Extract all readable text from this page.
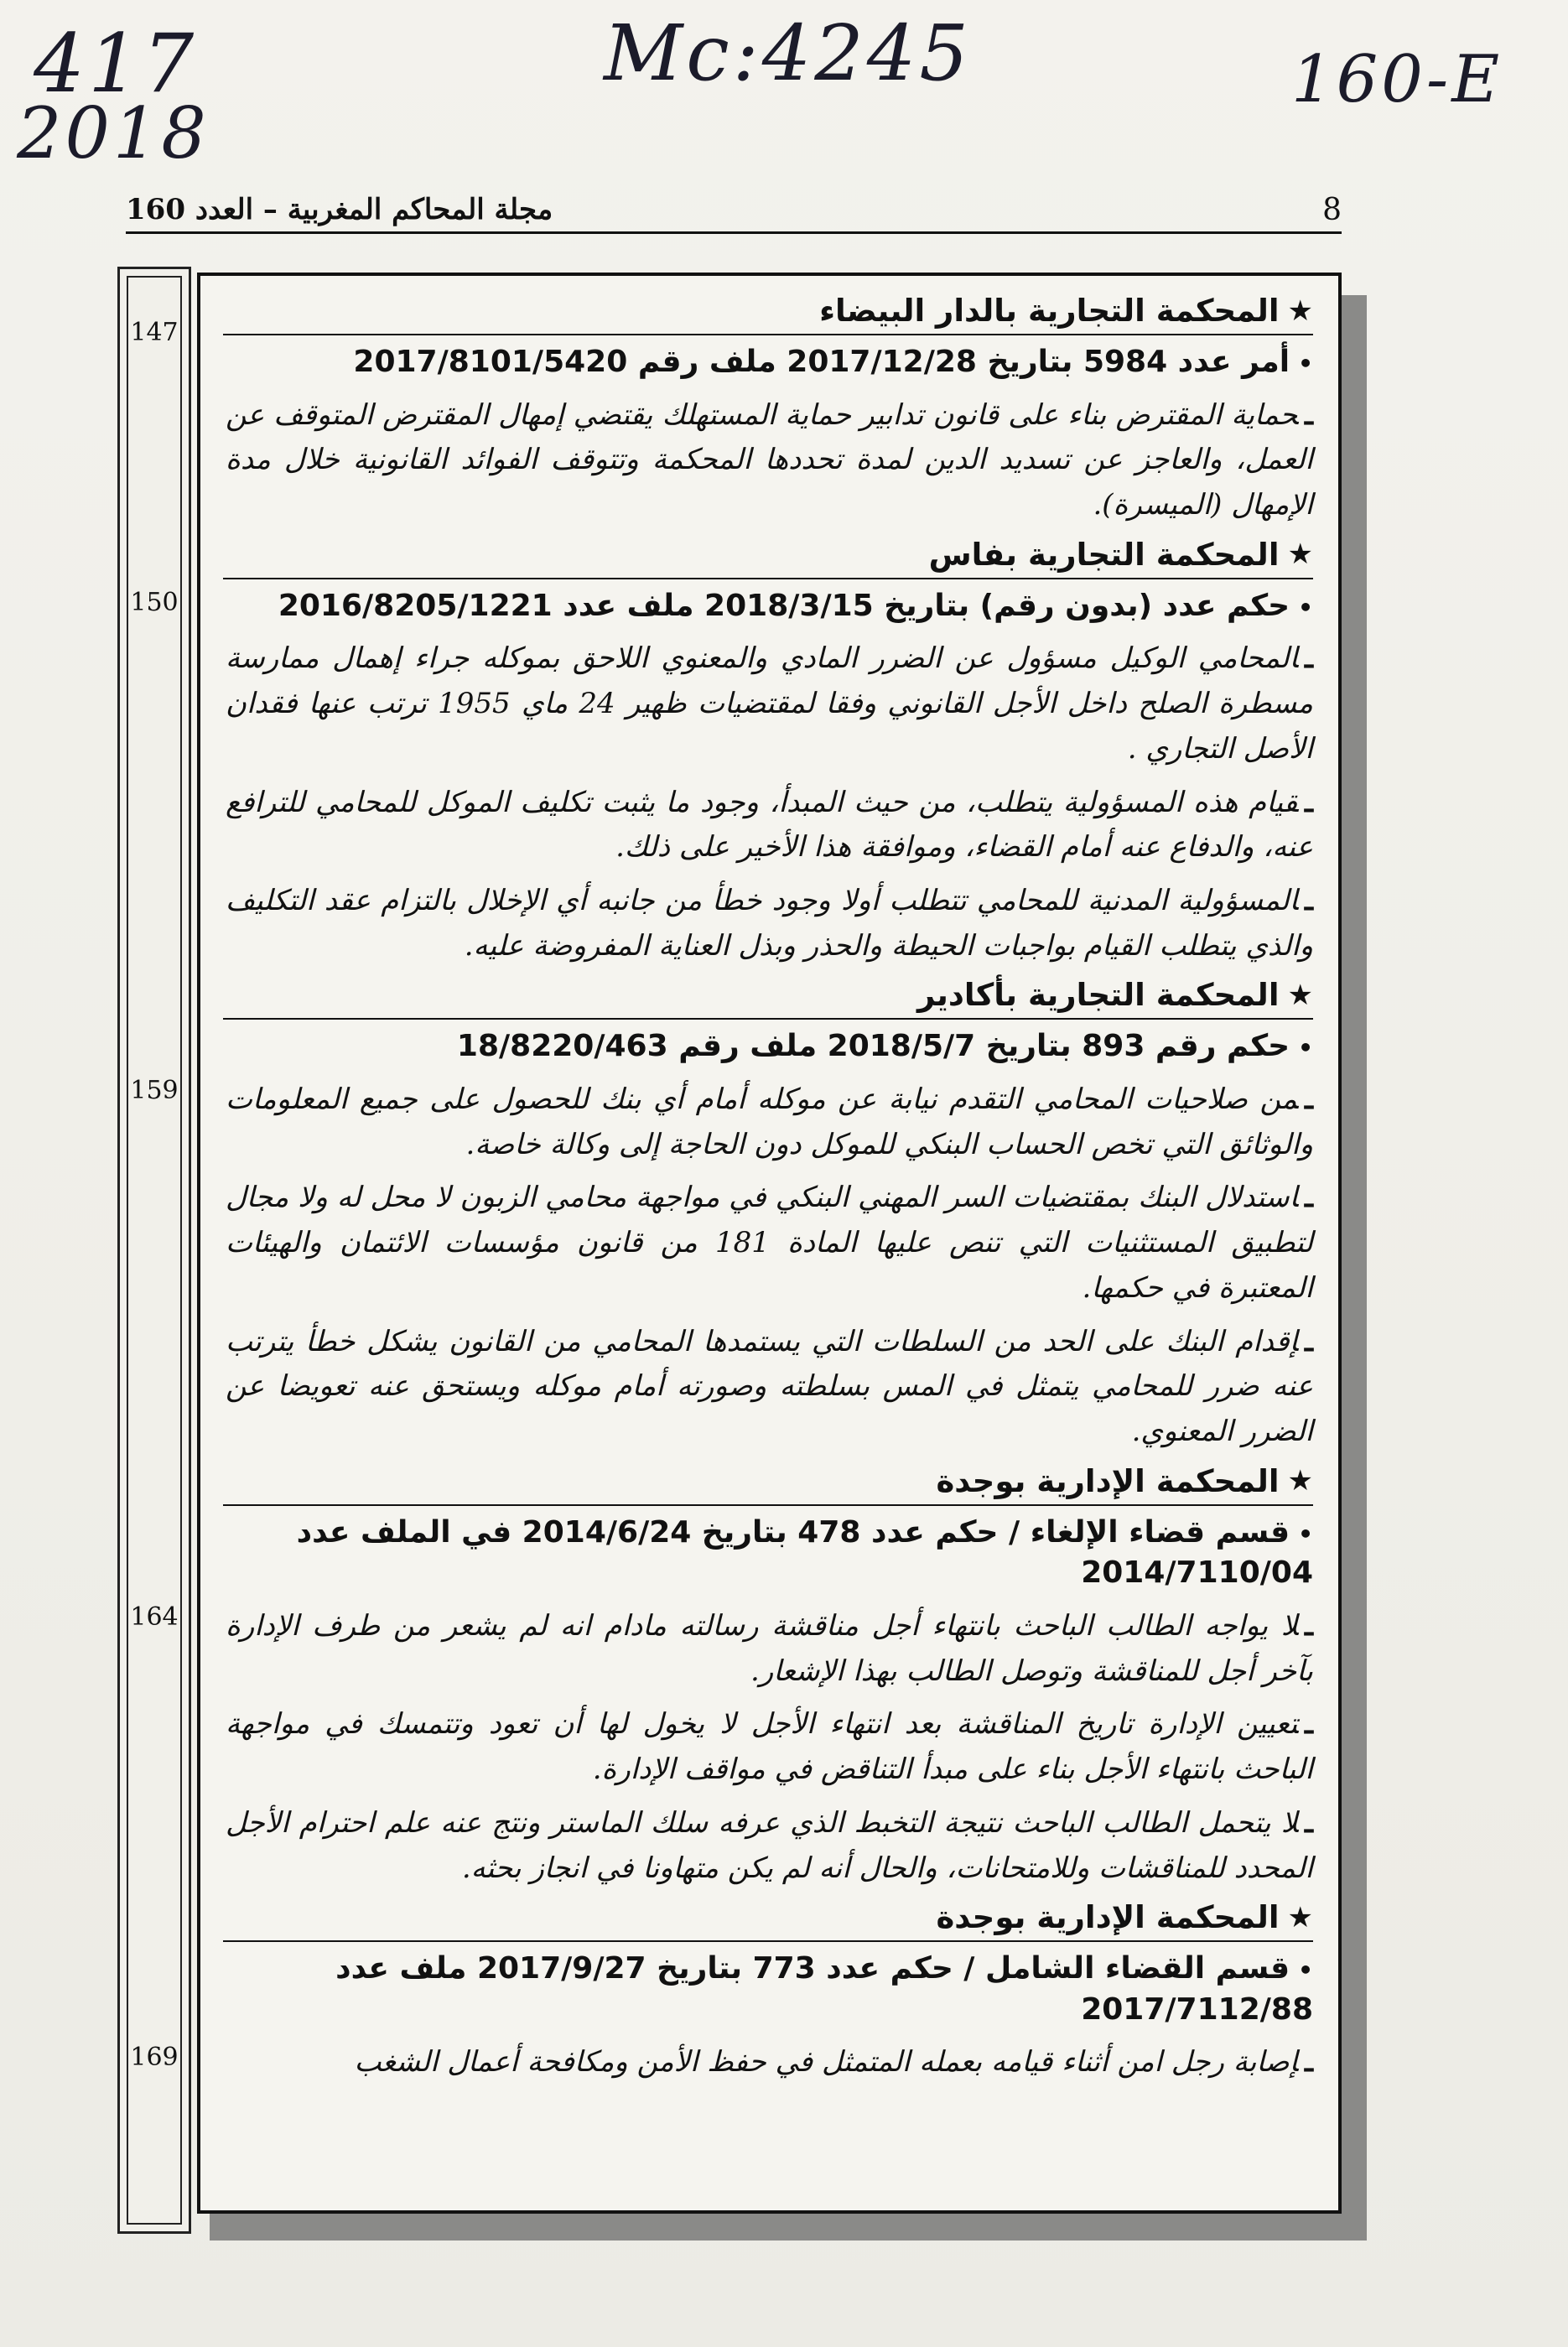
417
2018
Mc:4245	160-E
مجلة المحاكم المغربية – العدد 160	8
147
150
159
164
169
★
المحكمة التجارية بالدار البيضاء
•أمر عدد 5984 بتاريخ 2017/12/28 ملف رقم 2017/8101/5420

ـحماية المقترض بناء على قانون تدابير حماية المستهلك يقتضي إمهال المقترض المتوقف عن العمل، والعاجز عن تسديد الدين لمدة تحددها المحكمة وتتوقف الفوائد القانونية خلال مدة الإمهال (الميسرة).

★
المحكمة التجارية بفاس
•حكم عدد (بدون رقم) بتاريخ 2018/3/15 ملف عدد 2016/8205/1221

ـالمحامي الوكيل مسؤول عن الضرر المادي والمعنوي اللاحق بموكله جراء إهمال ممارسة مسطرة الصلح داخل الأجل القانوني وفقا لمقتضيات ظهير 24 ماي 1955 ترتب عنها فقدان الأصل التجاري .

ـقيام هذه المسؤولية يتطلب، من حيث المبدأ، وجود ما يثبت تكليف الموكل للمحامي للترافع عنه، والدفاع عنه أمام القضاء، وموافقة هذا الأخير على ذلك.

ـالمسؤولية المدنية للمحامي تتطلب أولا وجود خطأ من جانبه أي الإخلال بالتزام عقد التكليف والذي يتطلب القيام بواجبات الحيطة والحذر وبذل العناية المفروضة عليه.

★
المحكمة التجارية بأكادير
•حكم رقم 893 بتاريخ 2018/5/7 ملف رقم 18/8220/463

ـمن صلاحيات المحامي التقدم نيابة عن موكله أمام أي بنك للحصول على جميع المعلومات والوثائق التي تخص الحساب البنكي للموكل دون الحاجة إلى وكالة خاصة.

ـاستدلال البنك بمقتضيات السر المهني البنكي في مواجهة محامي الزبون لا محل له ولا مجال لتطبيق المستثنيات التي تنص عليها المادة 181 من قانون مؤسسات الائتمان والهيئات المعتبرة في حكمها.

ـإقدام البنك على الحد من السلطات التي يستمدها المحامي من القانون يشكل خطأ يترتب عنه ضرر للمحامي يتمثل في المس بسلطته وصورته أمام موكله ويستحق عنه تعويضا عن الضرر المعنوي.

★
المحكمة الإدارية بوجدة
•قسم قضاء الإلغاء / حكم عدد 478 بتاريخ 2014/6/24 في الملف عدد 2014/7110/04

ـلا يواجه الطالب الباحث بانتهاء أجل مناقشة رسالته مادام انه لم يشعر من طرف الإدارة بآخر أجل للمناقشة وتوصل الطالب بهذا الإشعار.

ـتعيين الإدارة تاريخ المناقشة بعد انتهاء الأجل لا يخول لها أن تعود وتتمسك في مواجهة الباحث بانتهاء الأجل بناء على مبدأ التناقض في مواقف الإدارة.

ـلا يتحمل الطالب الباحث نتيجة التخبط الذي عرفه سلك الماستر ونتج عنه علم احترام الأجل المحدد للمناقشات وللامتحانات، والحال أنه لم يكن متهاونا في انجاز بحثه.

★
المحكمة الإدارية بوجدة
•قسم القضاء الشامل / حكم عدد 773 بتاريخ 2017/9/27 ملف عدد 2017/7112/88

ـإصابة رجل امن أثناء قيامه بعمله المتمثل في حفظ الأمن ومكافحة أعمال الشغب
